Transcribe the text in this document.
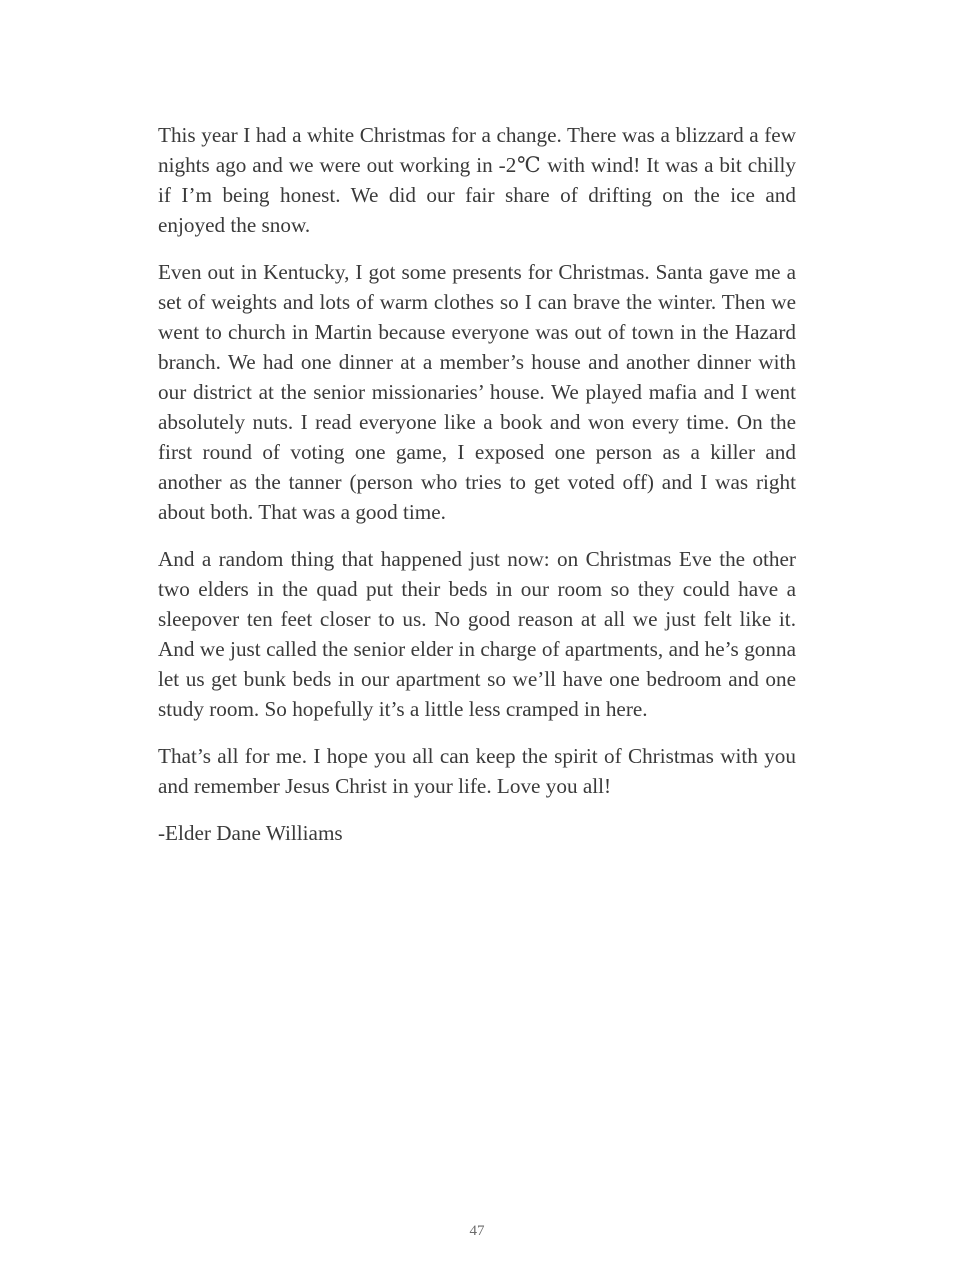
This year I had a white Christmas for a change. There was a blizzard a few nights ago and we were out working in -2℃ with wind! It was a bit chilly if I’m being honest. We did our fair share of drifting on the ice and enjoyed the snow.

Even out in Kentucky, I got some presents for Christmas. Santa gave me a set of weights and lots of warm clothes so I can brave the winter. Then we went to church in Martin because everyone was out of town in the Hazard branch. We had one dinner at a member’s house and another dinner with our district at the senior missionaries’ house. We played mafia and I went absolutely nuts. I read everyone like a book and won every time. On the first round of voting one game, I exposed one person as a killer and another as the tanner (person who tries to get voted off) and I was right about both. That was a good time.

And a random thing that happened just now: on Christmas Eve the other two elders in the quad put their beds in our room so they could have a sleepover ten feet closer to us. No good reason at all we just felt like it. And we just called the senior elder in charge of apartments, and he’s gonna let us get bunk beds in our apartment so we’ll have one bedroom and one study room. So hopefully it’s a little less cramped in here.

That’s all for me. I hope you all can keep the spirit of Christmas with you and remember Jesus Christ in your life. Love you all!

-Elder Dane Williams

47
